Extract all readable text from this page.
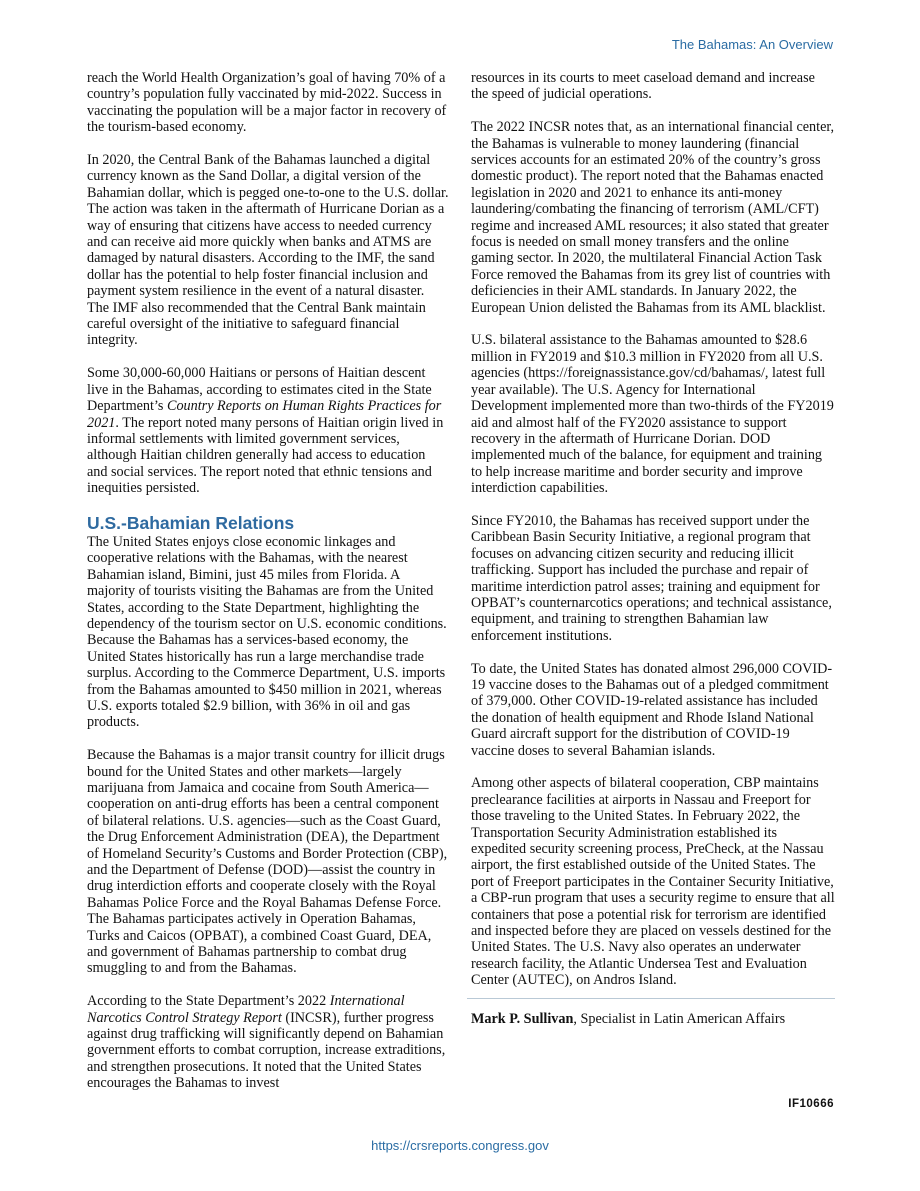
The Bahamas: An Overview

reach the World Health Organization’s goal of having 70% of a country’s population fully vaccinated by mid-2022. Success in vaccinating the population will be a major factor in recovery of the tourism-based economy.

In 2020, the Central Bank of the Bahamas launched a digital currency known as the Sand Dollar, a digital version of the Bahamian dollar, which is pegged one-to-one to the U.S. dollar. The action was taken in the aftermath of Hurricane Dorian as a way of ensuring that citizens have access to needed currency and can receive aid more quickly when banks and ATMS are damaged by natural disasters. According to the IMF, the sand dollar has the potential to help foster financial inclusion and payment system resilience in the event of a natural disaster. The IMF also recommended that the Central Bank maintain careful oversight of the initiative to safeguard financial integrity.

Some 30,000-60,000 Haitians or persons of Haitian descent live in the Bahamas, according to estimates cited in the State Department’s Country Reports on Human Rights Practices for 2021. The report noted many persons of Haitian origin lived in informal settlements with limited government services, although Haitian children generally had access to education and social services. The report noted that ethnic tensions and inequities persisted.

U.S.-Bahamian Relations

The United States enjoys close economic linkages and cooperative relations with the Bahamas, with the nearest Bahamian island, Bimini, just 45 miles from Florida. A majority of tourists visiting the Bahamas are from the United States, according to the State Department, highlighting the dependency of the tourism sector on U.S. economic conditions. Because the Bahamas has a services-based economy, the United States historically has run a large merchandise trade surplus. According to the Commerce Department, U.S. imports from the Bahamas amounted to $450 million in 2021, whereas U.S. exports totaled $2.9 billion, with 36% in oil and gas products.

Because the Bahamas is a major transit country for illicit drugs bound for the United States and other markets—largely marijuana from Jamaica and cocaine from South America—cooperation on anti-drug efforts has been a central component of bilateral relations. U.S. agencies—such as the Coast Guard, the Drug Enforcement Administration (DEA), the Department of Homeland Security’s Customs and Border Protection (CBP), and the Department of Defense (DOD)—assist the country in drug interdiction efforts and cooperate closely with the Royal Bahamas Police Force and the Royal Bahamas Defense Force. The Bahamas participates actively in Operation Bahamas, Turks and Caicos (OPBAT), a combined Coast Guard, DEA, and government of Bahamas partnership to combat drug smuggling to and from the Bahamas.

According to the State Department’s 2022 International Narcotics Control Strategy Report (INCSR), further progress against drug trafficking will significantly depend on Bahamian government efforts to combat corruption, increase extraditions, and strengthen prosecutions. It noted that the United States encourages the Bahamas to invest

resources in its courts to meet caseload demand and increase the speed of judicial operations.

The 2022 INCSR notes that, as an international financial center, the Bahamas is vulnerable to money laundering (financial services accounts for an estimated 20% of the country’s gross domestic product). The report noted that the Bahamas enacted legislation in 2020 and 2021 to enhance its anti-money laundering/combating the financing of terrorism (AML/CFT) regime and increased AML resources; it also stated that greater focus is needed on small money transfers and the online gaming sector. In 2020, the multilateral Financial Action Task Force removed the Bahamas from its grey list of countries with deficiencies in their AML standards. In January 2022, the European Union delisted the Bahamas from its AML blacklist.

U.S. bilateral assistance to the Bahamas amounted to $28.6 million in FY2019 and $10.3 million in FY2020 from all U.S. agencies (https://foreignassistance.gov/cd/bahamas/, latest full year available). The U.S. Agency for International Development implemented more than two-thirds of the FY2019 aid and almost half of the FY2020 assistance to support recovery in the aftermath of Hurricane Dorian. DOD implemented much of the balance, for equipment and training to help increase maritime and border security and improve interdiction capabilities.

Since FY2010, the Bahamas has received support under the Caribbean Basin Security Initiative, a regional program that focuses on advancing citizen security and reducing illicit trafficking. Support has included the purchase and repair of maritime interdiction patrol asses; training and equipment for OPBAT’s counternarcotics operations; and technical assistance, equipment, and training to strengthen Bahamian law enforcement institutions.

To date, the United States has donated almost 296,000 COVID-19 vaccine doses to the Bahamas out of a pledged commitment of 379,000. Other COVID-19-related assistance has included the donation of health equipment and Rhode Island National Guard aircraft support for the distribution of COVID-19 vaccine doses to several Bahamian islands.

Among other aspects of bilateral cooperation, CBP maintains preclearance facilities at airports in Nassau and Freeport for those traveling to the United States. In February 2022, the Transportation Security Administration established its expedited security screening process, PreCheck, at the Nassau airport, the first established outside of the United States. The port of Freeport participates in the Container Security Initiative, a CBP-run program that uses a security regime to ensure that all containers that pose a potential risk for terrorism are identified and inspected before they are placed on vessels destined for the United States. The U.S. Navy also operates an underwater research facility, the Atlantic Undersea Test and Evaluation Center (AUTEC), on Andros Island.

Mark P. Sullivan, Specialist in Latin American Affairs

IF10666
https://crsreports.congress.gov
